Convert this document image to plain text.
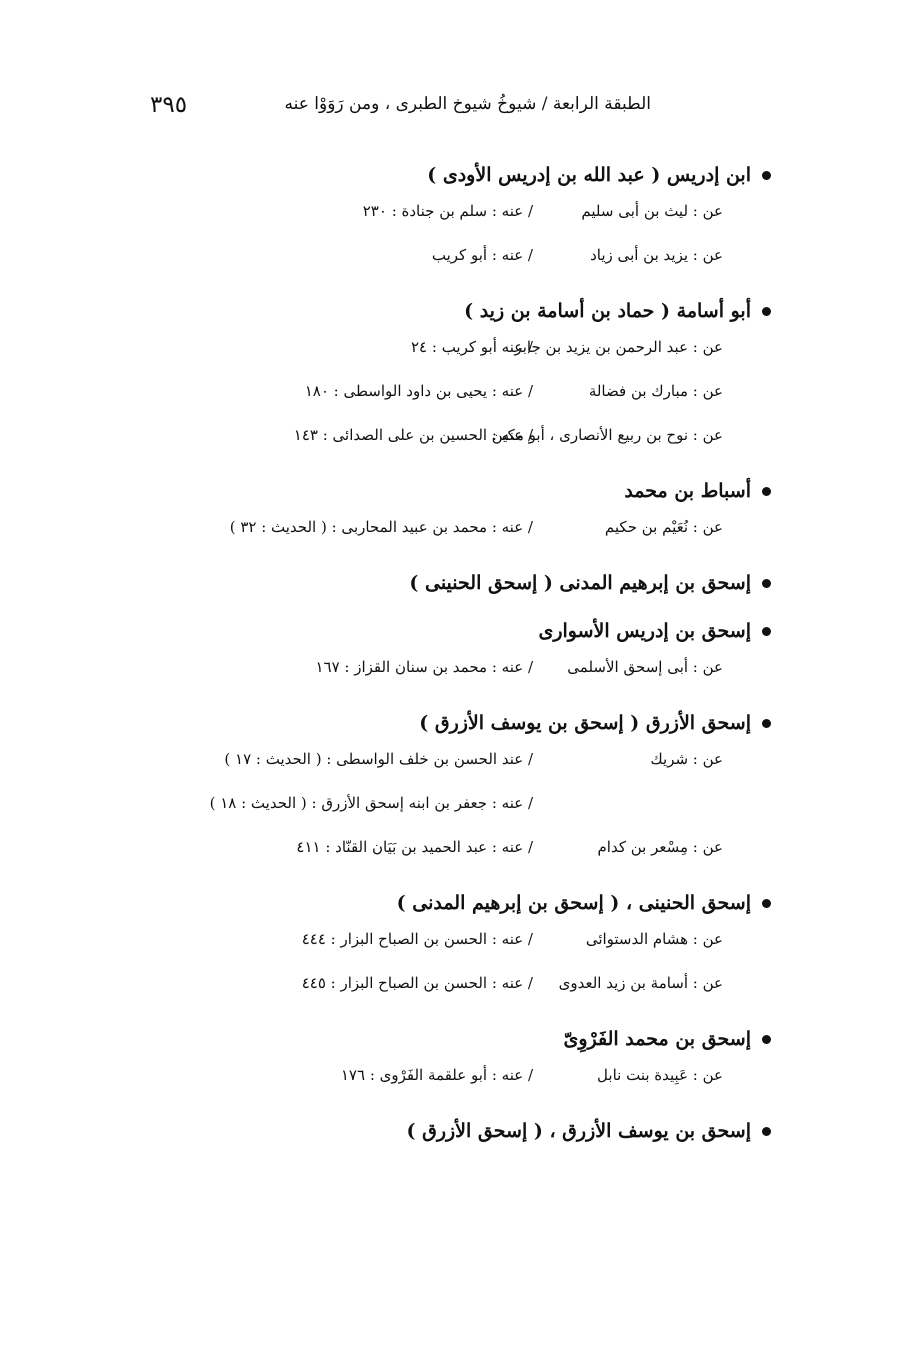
٣٩٥	الطبقة الرابعة / شيوخُ شيوخ الطبرى ، ومن رَوَوْا عنه
ابن إدريس ( عبد الله بن إدريس الأودى )
عن : ليث بن أبى سليم
/ عنه : سلم بن جنادة : ٢٣٠
عن : يزيد بن أبى زياد
/ عنه : أبو كريب
أبو أسامة ( حماد بن أسامة بن زيد )
عن : عبد الرحمن بن يزيد بن جابر
/ عنه أبو كريب : ٢٤
عن : مبارك بن فضالة
/ عنه : يحيى بن داود الواسطى : ١٨٠
عن : نوح بن ربيع الأنصارى ، أبو مكين
/ عنه : الحسين بن على الصدائى : ١٤٣
أسباط بن محمد
عن : نُعَيْم بن حكيم
/ عنه : محمد بن عبيد المحاربى : ( الحديث : ٣٢ )
إسحق بن إبرهيم المدنى ( إسحق الحنينى )
إسحق بن إدريس الأسوارى
عن : أبى إسحق الأسلمى
/ عنه : محمد بن سنان القزاز : ١٦٧
إسحق الأزرق ( إسحق بن يوسف الأزرق )
عن : شريك
/ عند الحسن بن خلف الواسطى : ( الحديث : ١٧ )
/ عنه : جعفر بن ابنه إسحق الأزرق : ( الحديث : ١٨ )
عن : مِسْعر بن كدام
/ عنه : عبد الحميد بن بَيَان القنّاد : ٤١١
إسحق الحنينى ، ( إسحق بن إبرهيم المدنى )
عن : هشام الدستوائى
/ عنه : الحسن بن الصباح البزار : ٤٤٤
عن : أسامة بن زيد العدوى
/ عنه : الحسن بن الصباح البزار : ٤٤٥
إسحق بن محمد الفَرْوِىّ
عن : عَبِيدة بنت نابل
/ عنه : أبو علقمة الفَرْوى : ١٧٦
إسحق بن يوسف الأزرق ، ( إسحق الأزرق )
